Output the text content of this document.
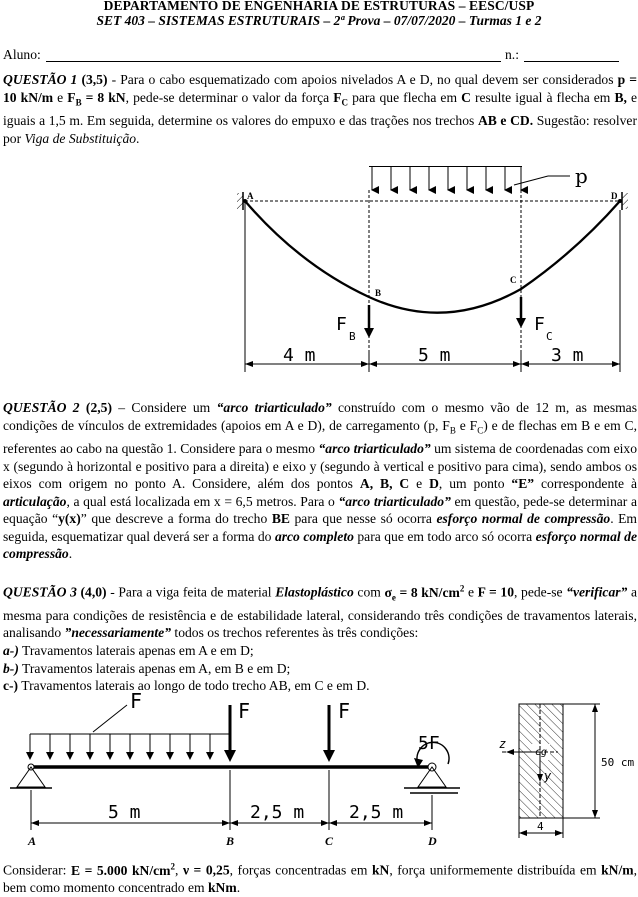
DEPARTAMENTO DE ENGENHARIA DE ESTRUTURAS – EESC/USP
SET 403 – SISTEMAS ESTRUTURAIS – 2ª Prova – 07/07/2020 – Turmas 1 e 2
Aluno:	n.:
QUESTÃO 1 (3,5) - Para o cabo esquematizado com apoios nivelados A e D, no qual devem ser considerados p = 10 kN/m e $F_B = 8$ kN, pede-se determinar o valor da força $F_C$ para que flecha em C resulte igual à flecha em B, e iguais a 1,5 m. Em seguida, determine os valores do empuxo e das trações nos trechos AB e CD. Sugestão: resolver por Viga de Substituição.
QUESTÃO 2 (2,5) – Considere um “arco triarticulado” construído com o mesmo vão de 12 m, as mesmas condições de vínculos de extremidades (apoios em A e D), de carregamento (p, $F_B$ e $F_C$) e de flechas em B e em C, referentes ao cabo na questão 1. Considere para o mesmo “arco triarticulado” um sistema de coordenadas com eixo x (segundo à horizontal e positivo para a direita) e eixo y (segundo à vertical e positivo para cima), sendo ambos os eixos com origem no ponto A. Considere, além dos pontos A, B, C e D, um ponto “E” correspondente à articulação, a qual está localizada em x = 6,5 metros. Para o “arco triarticulado” em questão, pede-se determinar a equação “y(x)” que descreve a forma do trecho BE para que nesse só ocorra esforço normal de compressão. Em seguida, esquematizar qual deverá ser a forma do arco completo para que em todo arco só ocorra esforço normal de compressão.
QUESTÃO 3 (4,0) - Para a viga feita de material Elastoplástico com $\sigma_e = 8$ $kN/cm^2$ e F = 10, pede-se “verificar” a mesma para condições de resistência e de estabilidade lateral, considerando três condições de travamentos laterais, analisando ”necessariamente” todos os trechos referentes às três condições:
a-) Travamentos laterais apenas em A e em D;
b-) Travamentos laterais apenas em A, em B e em D;
c-) Travamentos laterais ao longo de todo trecho AB, em C e em D.
Considerar: E = 5.000 $kN/cm^2$, ν = 0,25, forças concentradas em kN, força uniformemente distribuída em kN/m, bem como momento concentrado em kNm.
p
A	D
B
C
F
B
F
C
4 m	5 m	3 m
F	F	F
5F
5 m	2,5 m 2,5 m
A	B	C	D
z
y
cg
50 cm
4
